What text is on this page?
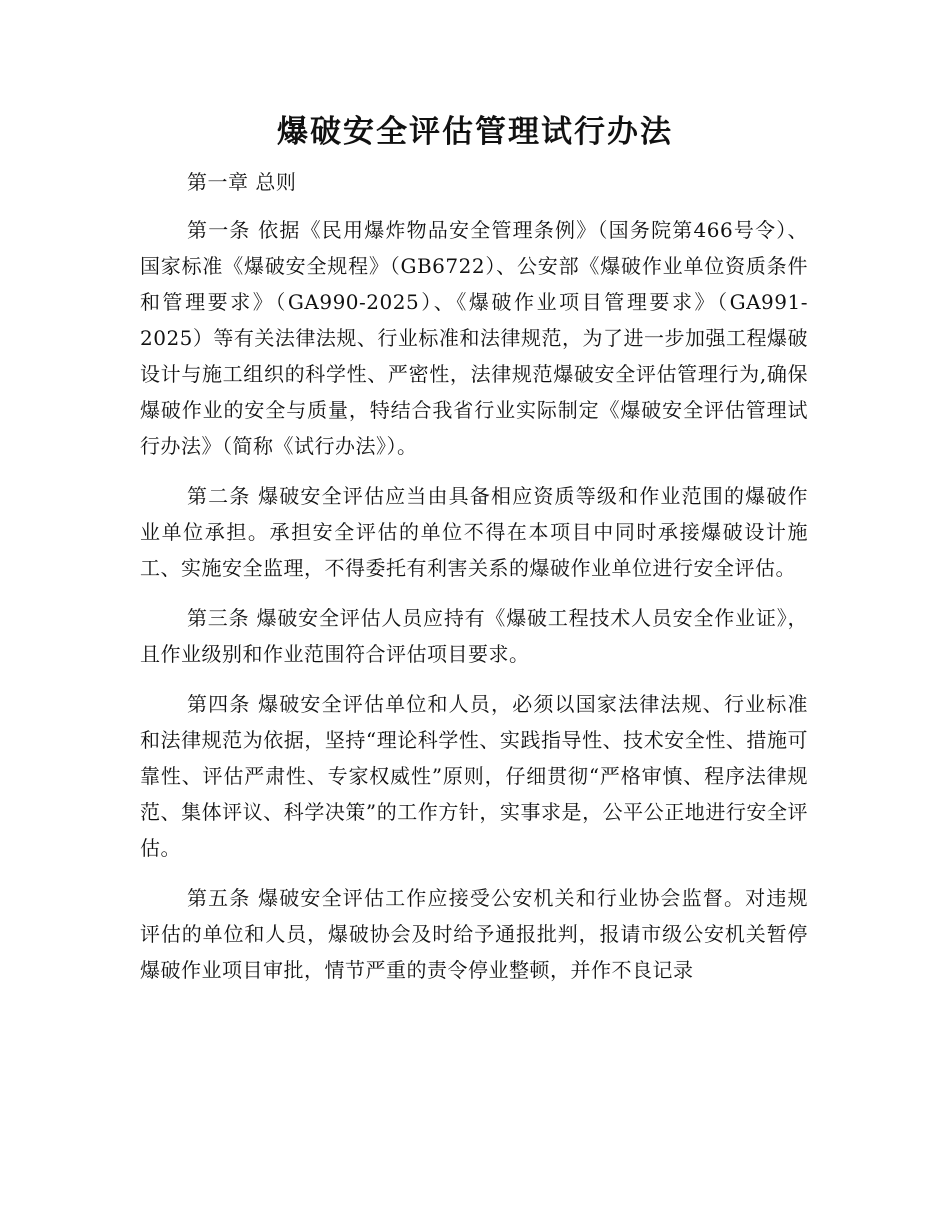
爆破安全评估管理试行办法

第一章 总则

第一条 依据《民用爆炸物品安全管理条例》（国务院第466号令）、国家标准《爆破安全规程》（GB6722）、公安部《爆破作业单位资质条件和管理要求》（GA990-2025）、《爆破作业项目管理要求》（GA991-2025）等有关法律法规、行业标准和法律规范，为了进一步加强工程爆破设计与施工组织的科学性、严密性，法律规范爆破安全评估管理行为,确保爆破作业的安全与质量，特结合我省行业实际制定《爆破安全评估管理试行办法》（简称《试行办法》）。

第二条 爆破安全评估应当由具备相应资质等级和作业范围的爆破作业单位承担。承担安全评估的单位不得在本项目中同时承接爆破设计施工、实施安全监理，不得委托有利害关系的爆破作业单位进行安全评估。

第三条 爆破安全评估人员应持有《爆破工程技术人员安全作业证》，且作业级别和作业范围符合评估项目要求。

第四条 爆破安全评估单位和人员，必须以国家法律法规、行业标准和法律规范为依据，坚持“理论科学性、实践指导性、技术安全性、措施可靠性、评估严肃性、专家权威性”原则，仔细贯彻“严格审慎、程序法律规范、集体评议、科学决策”的工作方针，实事求是，公平公正地进行安全评估。

第五条 爆破安全评估工作应接受公安机关和行业协会监督。对违规评估的单位和人员，爆破协会及时给予通报批判，报请市级公安机关暂停爆破作业项目审批，情节严重的责令停业整顿，并作不良记录
